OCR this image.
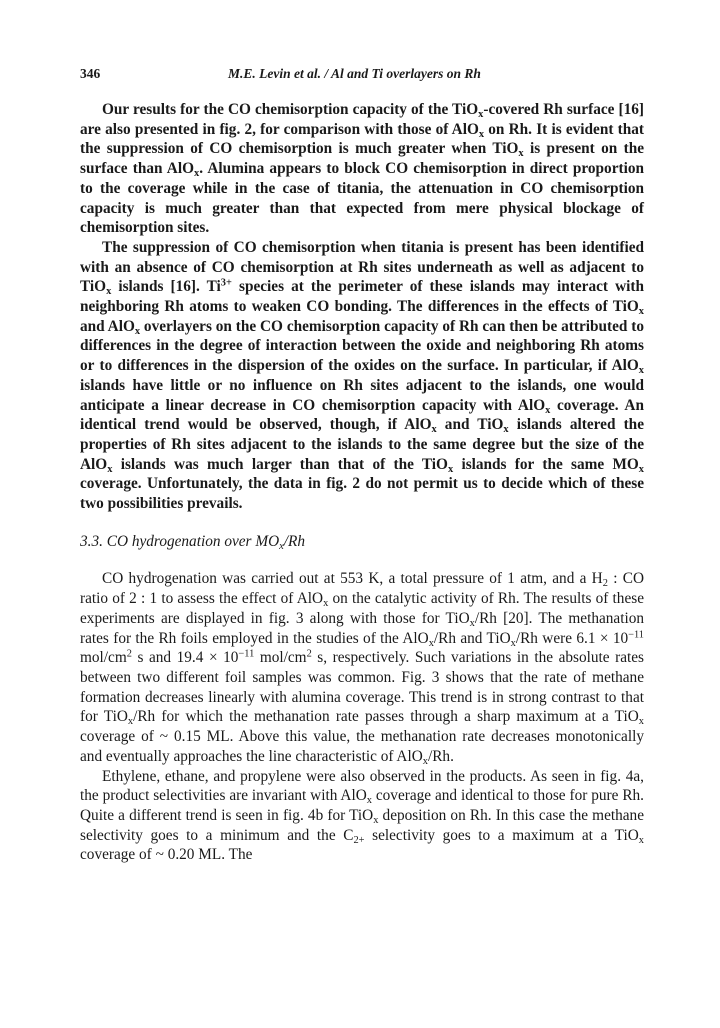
346	M.E. Levin et al. / Al and Ti overlayers on Rh

Our results for the CO chemisorption capacity of the TiO$_x$-covered Rh surface [16] are also presented in fig. 2, for comparison with those of AlO$_x$ on Rh. It is evident that the suppression of CO chemisorption is much greater when TiO$_x$ is present on the surface than AlO$_x$. Alumina appears to block CO chemisorption in direct proportion to the coverage while in the case of titania, the attenuation in CO chemisorption capacity is much greater than that expected from mere physical blockage of chemisorption sites.

The suppression of CO chemisorption when titania is present has been identified with an absence of CO chemisorption at Rh sites underneath as well as adjacent to TiO$_x$ islands [16]. $Ti^{3+}$ species at the perimeter of these islands may interact with neighboring Rh atoms to weaken CO bonding. The differences in the effects of TiO$_x$ and AlO$_x$ overlayers on the CO chemisorption capacity of Rh can then be attributed to differences in the degree of interaction between the oxide and neighboring Rh atoms or to differences in the dispersion of the oxides on the surface. In particular, if AlO$_x$ islands have little or no influence on Rh sites adjacent to the islands, one would anticipate a linear decrease in CO chemisorption capacity with AlO$_x$ coverage. An identical trend would be observed, though, if AlO$_x$ and TiO$_x$ islands altered the properties of Rh sites adjacent to the islands to the same degree but the size of the AlO$_x$ islands was much larger than that of the TiO$_x$ islands for the same $MO_x$ coverage. Unfortunately, the data in fig. 2 do not permit us to decide which of these two possibilities prevails.

3.3. CO hydrogenation over $MO_x/Rh$

CO hydrogenation was carried out at 553 K, a total pressure of 1 atm, and a $H_2$ : CO ratio of 2 : 1 to assess the effect of AlO$_x$ on the catalytic activity of Rh. The results of these experiments are displayed in fig. 3 along with those for TiO$_x$/Rh [20]. The methanation rates for the Rh foils employed in the studies of the AlO$_x$/Rh and TiO$_x$/Rh were $6.1 \times 10^{-11}$ mol/$cm^2$ s and $19.4 \times 10^{-11}$ mol/$cm^2$ s, respectively. Such variations in the absolute rates between two different foil samples was common. Fig. 3 shows that the rate of methane formation decreases linearly with alumina coverage. This trend is in strong contrast to that for TiO$_x$/Rh for which the methanation rate passes through a sharp maximum at a TiO$_x$ coverage of ~ 0.15 ML. Above this value, the methanation rate decreases monotonically and eventually approaches the line characteristic of AlO$_x$/Rh.

Ethylene, ethane, and propylene were also observed in the products. As seen in fig. 4a, the product selectivities are invariant with AlO$_x$ coverage and identical to those for pure Rh. Quite a different trend is seen in fig. 4b for TiO$_x$ deposition on Rh. In this case the methane selectivity goes to a minimum and the $C_{2+}$ selectivity goes to a maximum at a TiO$_x$ coverage of ~ 0.20 ML. The
